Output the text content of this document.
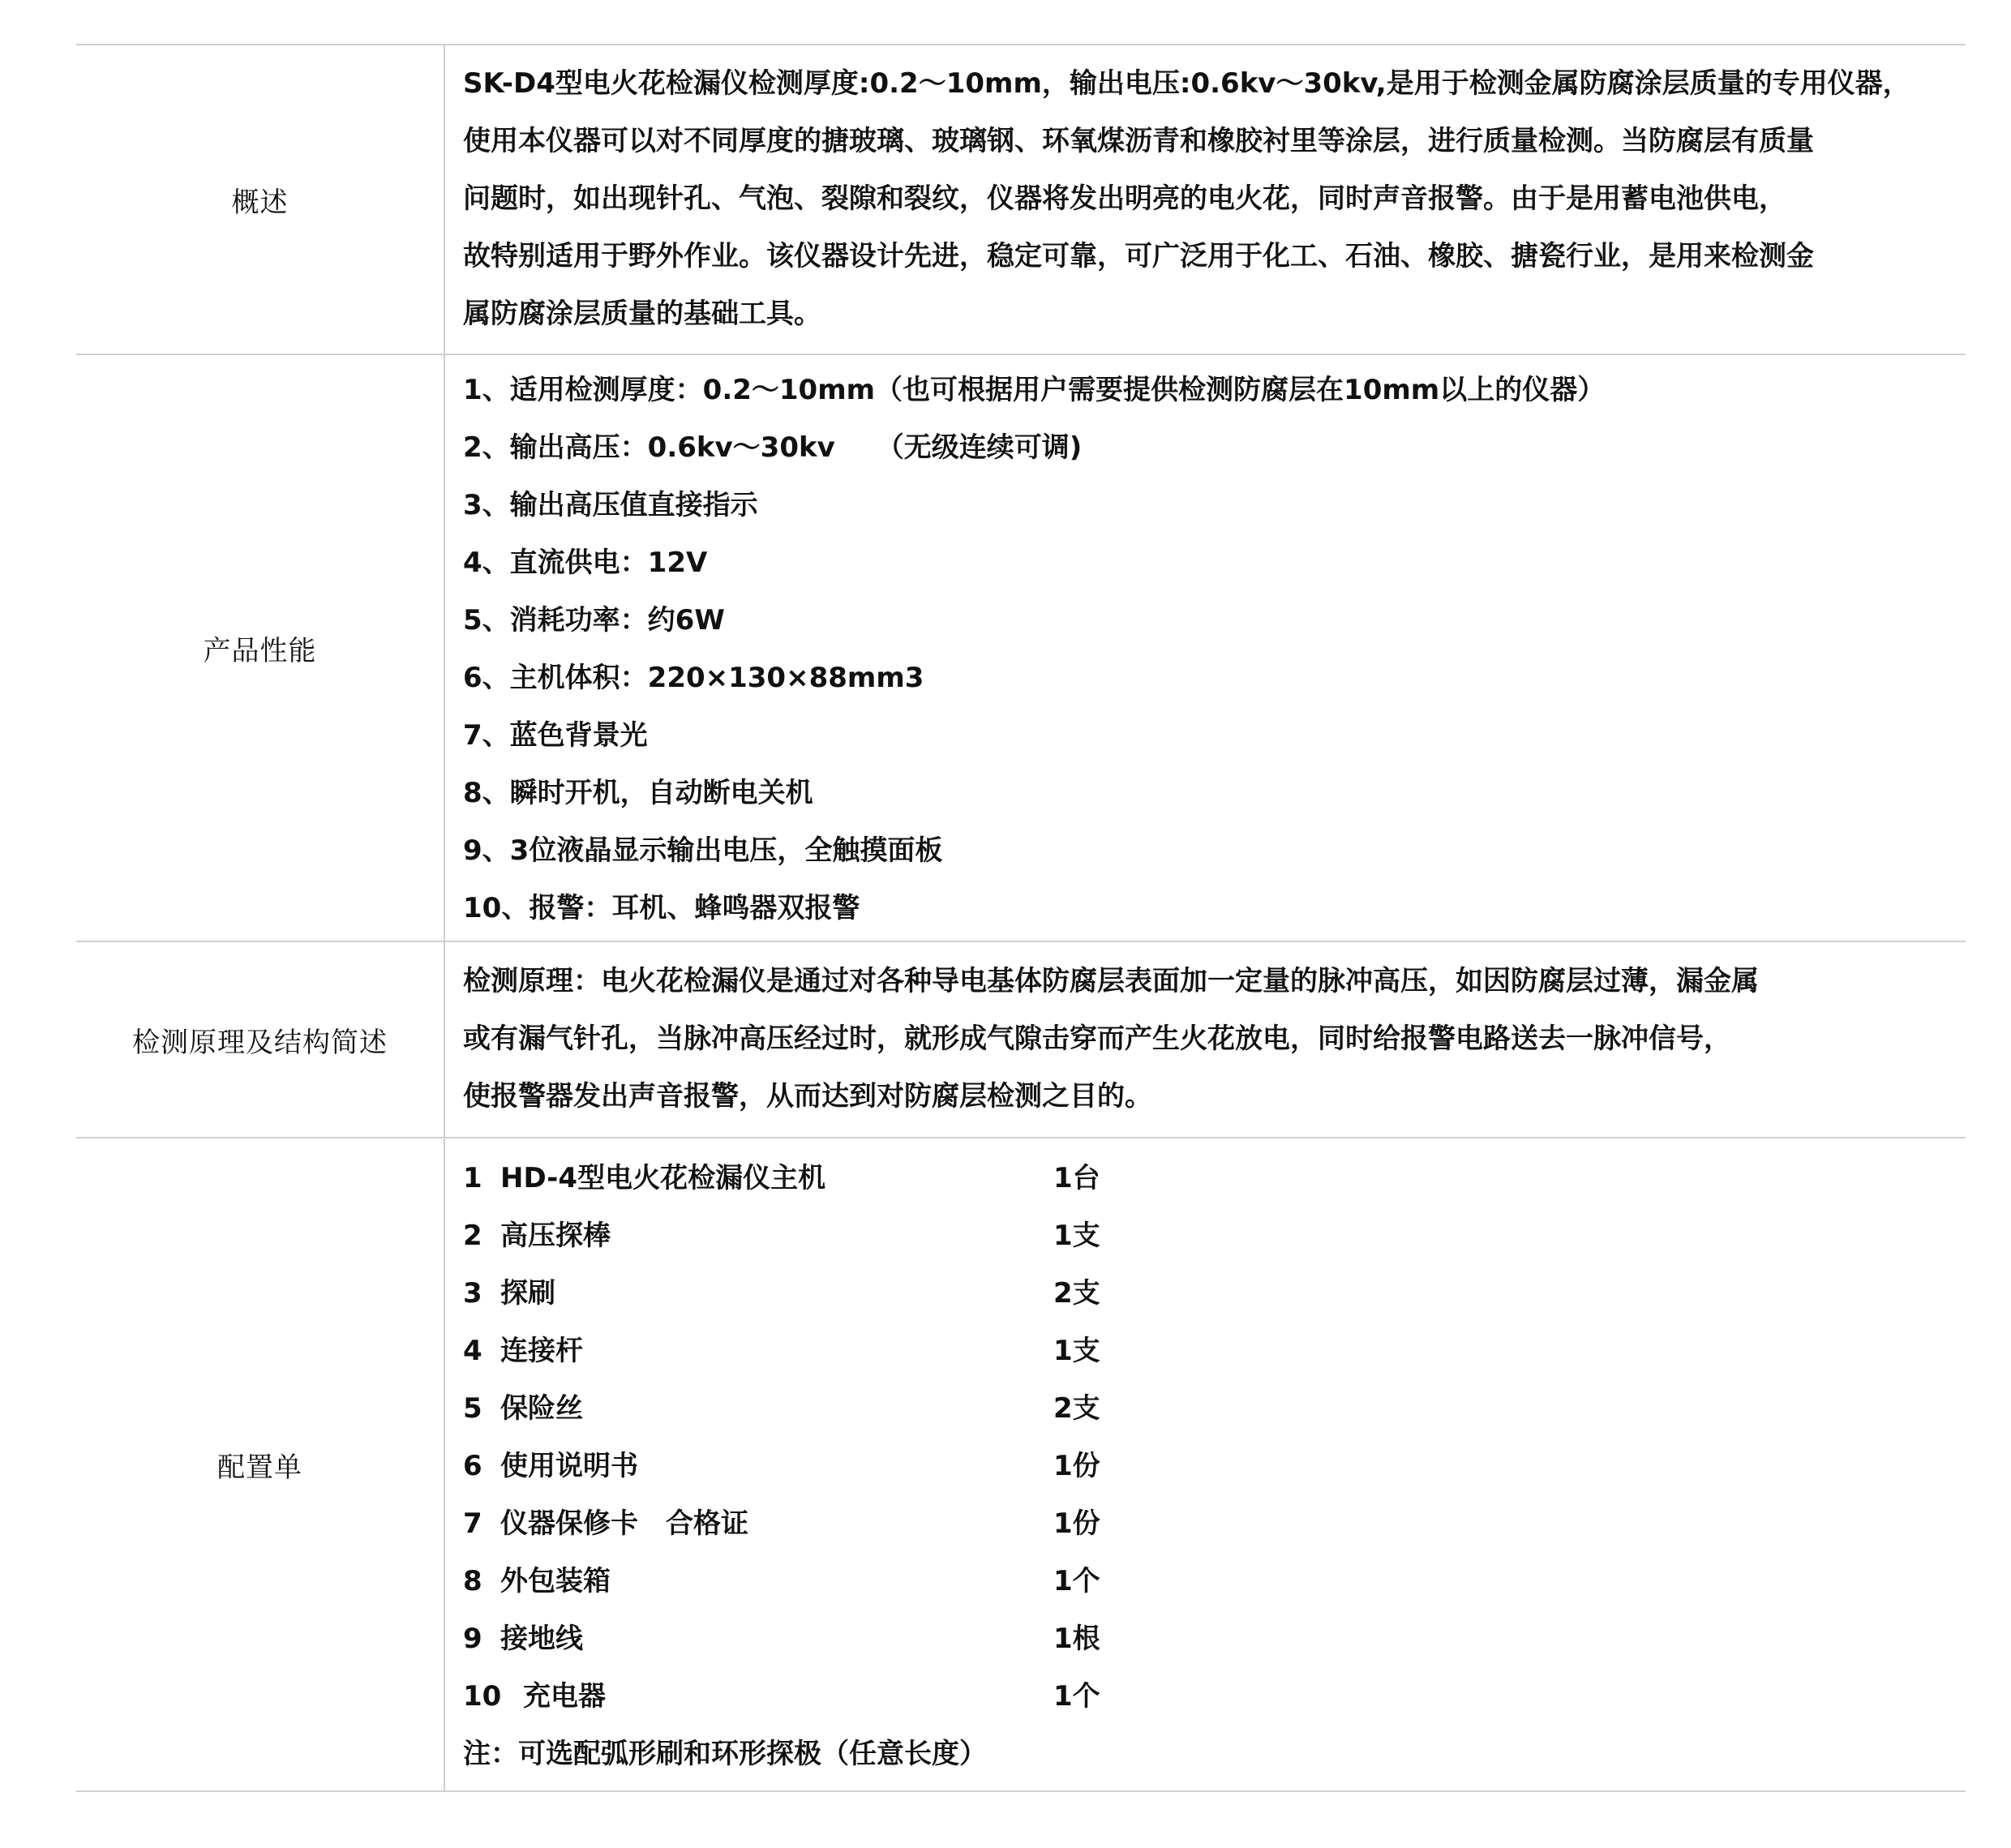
概述
SK-D4型电火花检漏仪检测厚度:0.2～10mm，输出电压:0.6kv～30kv,是用于检测金属防腐涂层质量的专用仪器，
使用本仪器可以对不同厚度的搪玻璃、玻璃钢、环氧煤沥青和橡胶衬里等涂层，进行质量检测。当防腐层有质量
问题时，如出现针孔、气泡、裂隙和裂纹，仪器将发出明亮的电火花，同时声音报警。由于是用蓄电池供电，
故特别适用于野外作业。该仪器设计先进，稳定可靠，可广泛用于化工、石油、橡胶、搪瓷行业，是用来检测金
属防腐涂层质量的基础工具。
产品性能
1、适用检测厚度：0.2～10mm（也可根据用户需要提供检测防腐层在10mm以上的仪器）
2、输出高压：0.6kv～30kv　　（无级连续可调)
3、输出高压值直接指示
4、直流供电：12V
5、消耗功率：约6W
6、主机体积：220×130×88mm3
7、蓝色背景光
8、瞬时开机，自动断电关机
9、3位液晶显示输出电压，全触摸面板
10、报警：耳机、蜂鸣器双报警
检测原理及结构简述
检测原理：电火花检漏仪是通过对各种导电基体防腐层表面加一定量的脉冲高压，如因防腐层过薄，漏金属
或有漏气针孔，当脉冲高压经过时，就形成气隙击穿而产生火花放电，同时给报警电路送去一脉冲信号，
使报警器发出声音报警，从而达到对防腐层检测之目的。
配置单
1 HD-4型电火花检漏仪主机	1台
2 高压探棒	1支
3 探刷	2支
4 连接杆	1支
5 保险丝	2支
6 使用说明书	1份
7 仪器保修卡　合格证	1份
8 外包装箱	1个
9 接地线	1根
10 充电器	1个
注：可选配弧形刷和环形探极（任意长度）
